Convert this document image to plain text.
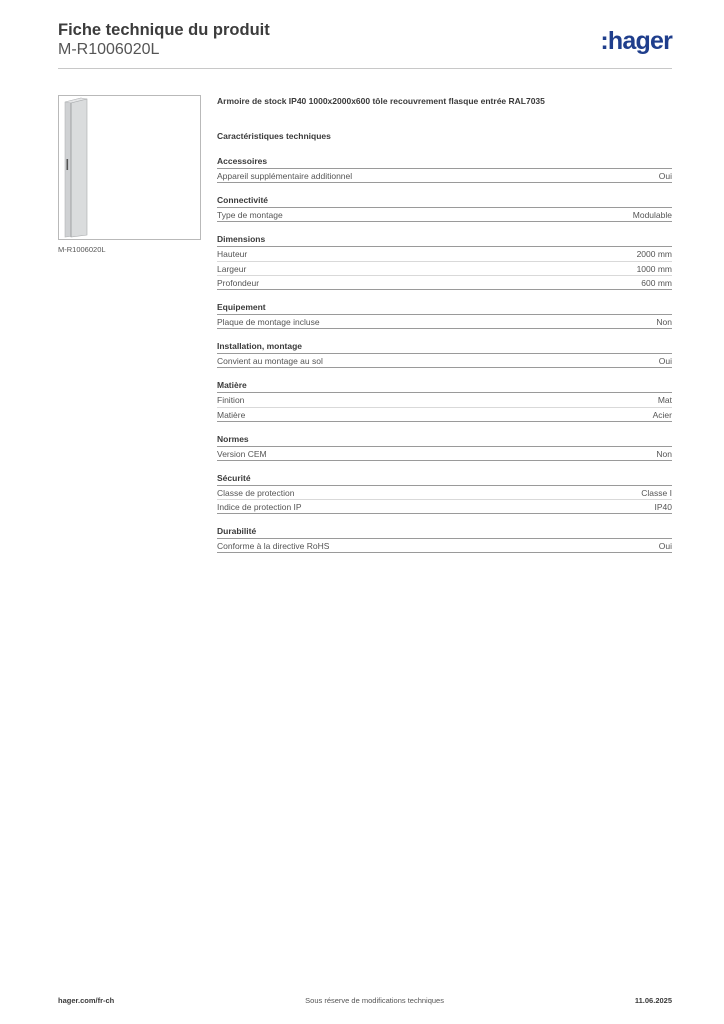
Fiche technique du produit
M-R1006020L	:hager
M-R1006020L
Armoire de stock IP40 1000x2000x600 tôle recouvrement flasque entrée RAL7035
Caractéristiques techniques
Accessoires
Appareil supplémentaire additionnel	Oui
Connectivité
Type de montage	Modulable
Dimensions
Hauteur	2000 mm
Largeur	1000 mm
Profondeur	600 mm
Equipement
Plaque de montage incluse	Non
Installation, montage
Convient au montage au sol	Oui
Matière
Finition	Mat
Matière	Acier
Normes
Version CEM	Non
Sécurité
Classe de protection	Classe I
Indice de protection IP	IP40
Durabilité
Conforme à la directive RoHS	Oui
hager.com/fr-ch	Sous réserve de modifications techniques	11.06.2025
